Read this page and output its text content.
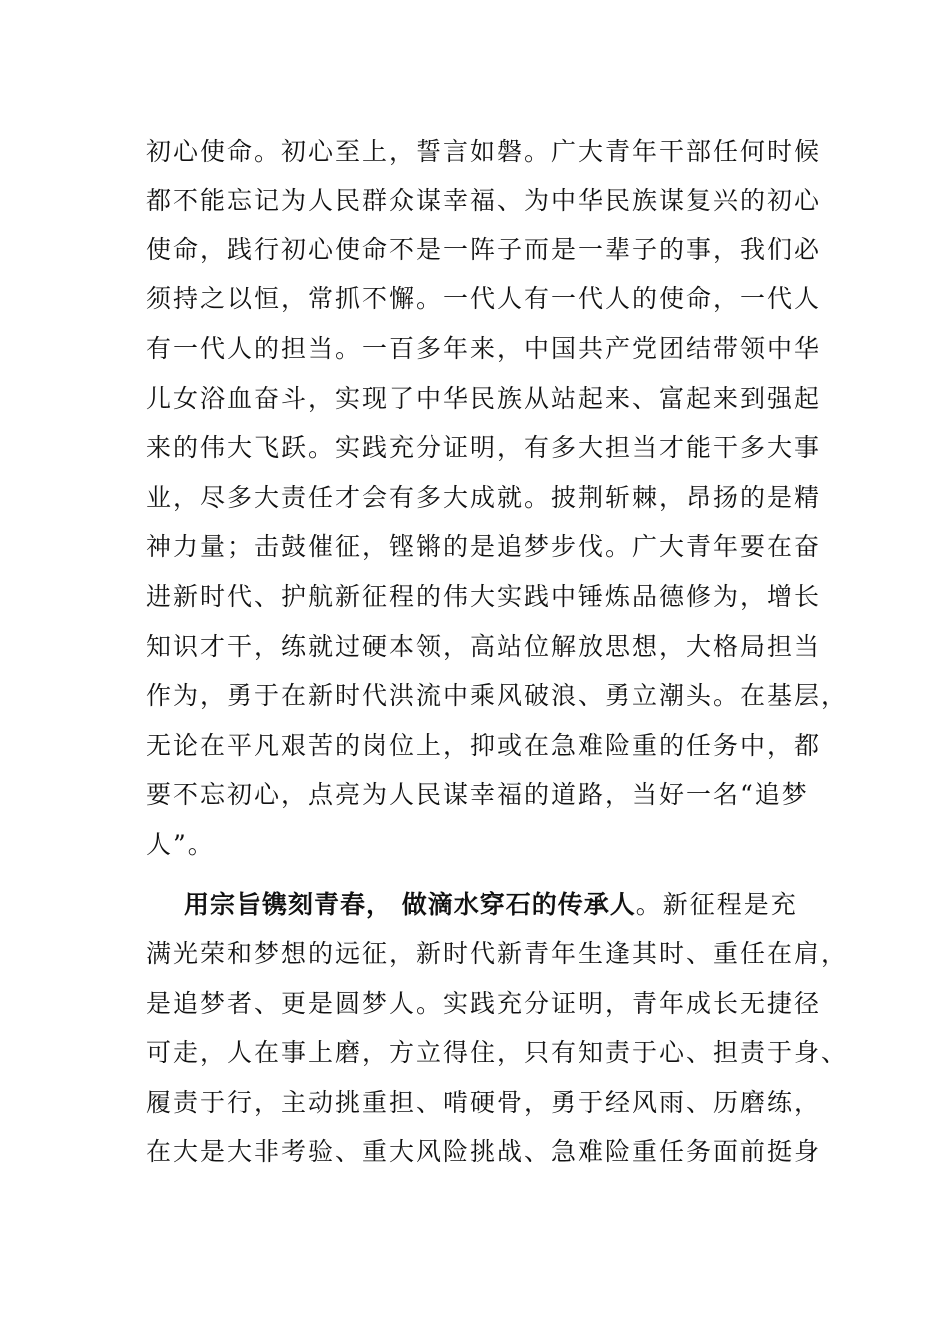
初心使命。初心至上，誓言如磐。广大青年干部任何时候
都不能忘记为人民群众谋幸福、为中华民族谋复兴的初心
使命，践行初心使命不是一阵子而是一辈子的事，我们必
须持之以恒，常抓不懈。一代人有一代人的使命，一代人
有一代人的担当。一百多年来，中国共产党团结带领中华
儿女浴血奋斗，实现了中华民族从站起来、富起来到强起
来的伟大飞跃。实践充分证明，有多大担当才能干多大事
业，尽多大责任才会有多大成就。披荆斩棘，昂扬的是精
神力量；击鼓催征，铿锵的是追梦步伐。广大青年要在奋
进新时代、护航新征程的伟大实践中锤炼品德修为，增长
知识才干，练就过硬本领，高站位解放思想，大格局担当
作为，勇于在新时代洪流中乘风破浪、勇立潮头。在基层，
无论在平凡艰苦的岗位上，抑或在急难险重的任务中，都
要不忘初心，点亮为人民谋幸福的道路，当好一名“追梦
人”。
用宗旨镌刻青春， 做滴水穿石的传承人。新征程是充
满光荣和梦想的远征，新时代新青年生逢其时、重任在肩，
是追梦者、更是圆梦人。实践充分证明，青年成长无捷径
可走，人在事上磨，方立得住，只有知责于心、担责于身、
履责于行，主动挑重担、啃硬骨，勇于经风雨、历磨练，
在大是大非考验、重大风险挑战、急难险重任务面前挺身
